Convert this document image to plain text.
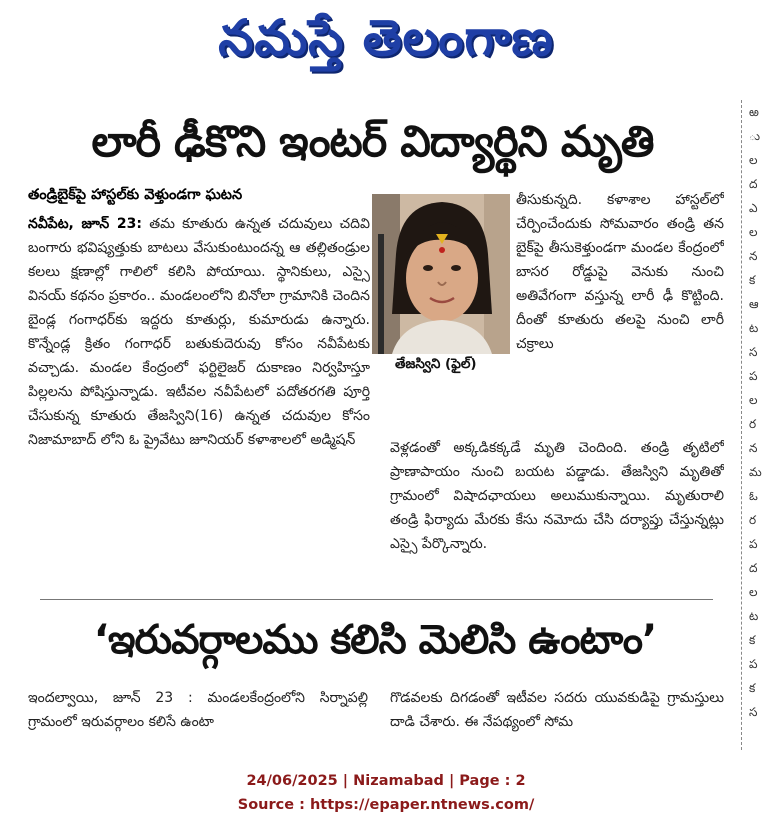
నమస్తే తెలంగాణ
ఱ
ు
ల
ద
ఎ
ల
న
క
ఆ
ట
స
ప
ల
ర
న
మ
ఓ
ర
ప
ద
ల
ట
క
ప
క
స
లారీ ఢీకొని ఇంటర్ విద్యార్థిని మృతి
తండ్రిబైక్‌పై హాస్టల్‌కు వెళ్తుండగా ఘటన

నవీపేట, జూన్ 23: తమ కూతురు ఉన్నత చదువులు చదివి బంగారు భవిష్యత్తుకు బాటలు వేసుకుంటుందన్న ఆ తల్లితండ్రుల కలలు క్షణాల్లో గాలిలో కలిసి పోయాయి. స్థానికులు, ఎస్సై వినయ్ కథనం ప్రకారం.. మండలంలోని బినోలా గ్రామానికి చెందిన బైండ్ల గంగాధర్‌కు ఇద్దరు కూతుర్లు, కుమారుడు ఉన్నారు. కొన్నేండ్ల క్రితం గంగాధర్ బతుకుదెరువు కోసం నవీపేటకు వచ్చాడు. మండల కేంద్రంలో ఫర్టిలైజర్ దుకాణం నిర్వహిస్తూ పిల్లలను పోషిస్తున్నాడు. ఇటీవల నవీపేటలో పదోతరగతి పూర్తి చేసుకున్న కూతురు తేజస్విని(16) ఉన్నత చదువుల కోసం నిజామాబాద్ లోని ఓ ప్రైవేటు జూనియర్ కళాశాలలో అడ్మిషన్

తేజస్విని (ఫైల్)

తీసుకున్నది. కళాశాల హాస్టల్‌లో చేర్పించేందుకు సోమవారం తండ్రి తన బైక్‌పై తీసుకెళ్తుండగా మండల కేంద్రంలో బాసర రోడ్డుపై వెనుకు నుంచి అతివేగంగా వస్తున్న లారీ ఢీ కొట్టింది. దీంతో కూతురు తలపై నుంచి లారీ చక్రాలు

వెళ్లడంతో అక్కడికక్కడే మృతి చెందింది. తండ్రి తృటిలో ప్రాణాపాయం నుంచి బయట పడ్డాడు. తేజస్విని మృతితో గ్రామంలో విషాదఛాయలు అలుముకున్నాయి. మృతురాలి తండ్రి ఫిర్యాదు మేరకు కేసు నమోదు చేసి దర్యాప్తు చేస్తున్నట్లు ఎస్సై పేర్కొన్నారు.

‘ఇరువర్గాలము కలిసి మెలిసి ఉంటాం’

ఇందల్వాయి, జూన్ 23 : మండలకేంద్రంలోని సిర్నాపల్లి గ్రామంలో ఇరువర్గాలం కలిసే ఉంటా

గొడవలకు దిగడంతో ఇటీవల సదరు యువకుడిపై గ్రామస్తులు దాడి చేశారు. ఈ నేపథ్యంలో సోమ

24/06/2025 | Nizamabad | Page : 2
Source : https://epaper.ntnews.com/
